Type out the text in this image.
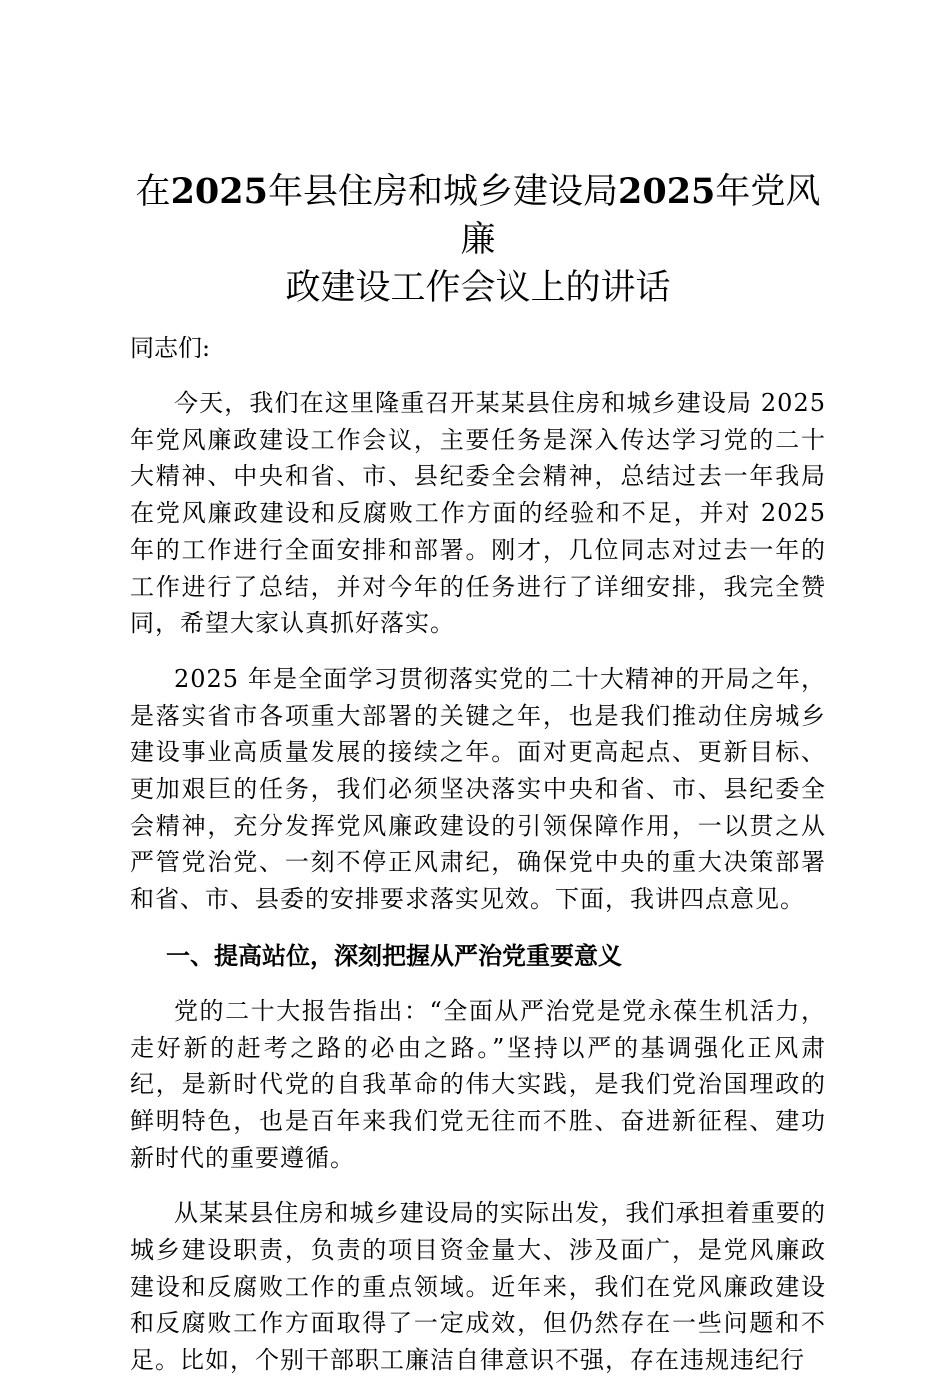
在2025年县住房和城乡建设局2025年党风廉
政建设工作会议上的讲话

同志们:

今天，我们在这里隆重召开某某县住房和城乡建设局 2025 年党风廉政建设工作会议，主要任务是深入传达学习党的二十大精神、中央和省、市、县纪委全会精神，总结过去一年我局在党风廉政建设和反腐败工作方面的经验和不足，并对 2025 年的工作进行全面安排和部署。刚才，几位同志对过去一年的工作进行了总结，并对今年的任务进行了详细安排，我完全赞同，希望大家认真抓好落实。

2025 年是全面学习贯彻落实党的二十大精神的开局之年，是落实省市各项重大部署的关键之年，也是我们推动住房城乡建设事业高质量发展的接续之年。面对更高起点、更新目标、更加艰巨的任务，我们必须坚决落实中央和省、市、县纪委全会精神，充分发挥党风廉政建设的引领保障作用，一以贯之从严管党治党、一刻不停正风肃纪，确保党中央的重大决策部署和省、市、县委的安排要求落实见效。下面，我讲四点意见。

一、提高站位，深刻把握从严治党重要意义

党的二十大报告指出：“全面从严治党是党永葆生机活力，走好新的赶考之路的必由之路。”坚持以严的基调强化正风肃纪，是新时代党的自我革命的伟大实践，是我们党治国理政的鲜明特色，也是百年来我们党无往而不胜、奋进新征程、建功新时代的重要遵循。

从某某县住房和城乡建设局的实际出发，我们承担着重要的城乡建设职责，负责的项目资金量大、涉及面广，是党风廉政建设和反腐败工作的重点领域。近年来，我们在党风廉政建设和反腐败工作方面取得了一定成效，但仍然存在一些问题和不足。比如，个别干部职工廉洁自律意识不强，存在违规违纪行
